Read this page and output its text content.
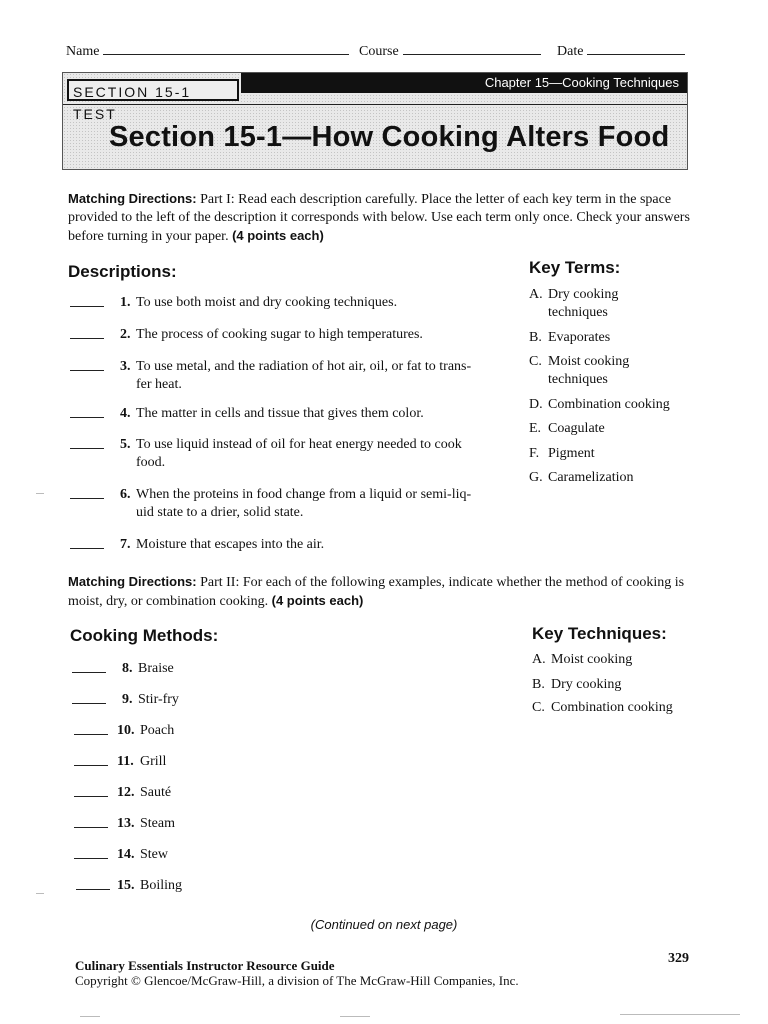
Name	Course	Date
SECTION 15-1 TEST
Chapter 15—Cooking Techniques
Section 15-1—How Cooking Alters Food
Matching Directions: Part I: Read each description carefully. Place the letter of each key term in the space provided to the left of the description it corresponds with below. Use each term only once. Check your answers before turning in your paper. (4 points each)
Descriptions:
1. To use both moist and dry cooking techniques.
2. The process of cooking sugar to high temperatures.
3. To use metal, and the radiation of hot air, oil, or fat to trans-
fer heat.
4. The matter in cells and tissue that gives them color.
5. To use liquid instead of oil for heat energy needed to cook
food.
6. When the proteins in food change from a liquid or semi-liq-
uid state to a drier, solid state.
7. Moisture that escapes into the air.
Key Terms:
A. Dry cooking
techniques
B. Evaporates
C. Moist cooking
techniques
D. Combination cooking
E. Coagulate
F. Pigment
G. Caramelization
Matching Directions: Part II: For each of the following examples, indicate whether the method of cooking is moist, dry, or combination cooking. (4 points each)
Cooking Methods:
8. Braise
9. Stir-fry
10. Poach
11. Grill
12. Sauté
13. Steam
14. Stew
15. Boiling
Key Techniques:
A. Moist cooking
B. Dry cooking
C. Combination cooking
(Continued on next page)
Culinary Essentials Instructor Resource Guide
Copyright © Glencoe/McGraw-Hill, a division of The McGraw-Hill Companies, Inc.
329
